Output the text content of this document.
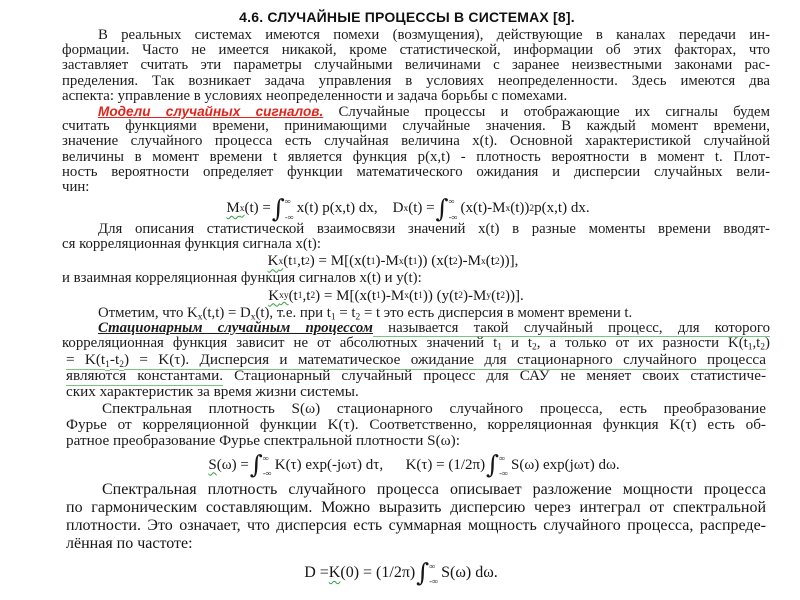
4.6. СЛУЧАЙНЫЕ ПРОЦЕССЫ В СИСТЕМАХ [8].
В реальных системах имеются помехи (возмущения), действующие в каналах передачи ин-
формации. Часто не имеется никакой, кроме статистической, информации об этих факторах, что
заставляет считать эти параметры случайными величинами с заранее неизвестными законами рас-
пределения. Так возникает задача управления в условиях неопределенности. Здесь имеются два
аспекта: управление в условиях неопределенности и задача борьбы с помехами.
Модели случайных сигналов. Случайные процессы и отображающие их сигналы будем
считать функциями времени, принимающими случайные значения. В каждый момент времени,
значение случайного процесса есть случайная величина x(t). Основной характеристикой случайной
величины в момент времени t является функция p(x,t) - плотность вероятности в момент t. Плот-
ность вероятности определяет функции математического ожидания и дисперсии случайных вели-
чин:
M x (t) = ∫ ∞
-∞
x(t) p(x,t) dx,
D x (t) = ∫ ∞
-∞
(x(t)-M x (t)) 2 p(x,t) dx.
Для описания статистической взаимосвязи значений x(t) в разные моменты времени вводят-
ся корреляционная функция сигнала x(t):
K x (t 1 ,t 2 ) = M[(x(t 1 )-M x (t 1 )) (x(t 2 )-M x (t 2 ))],
и взаимная корреляционная функция сигналов x(t) и y(t):
K xy (t 1 ,t 2 ) = M[(x(t 1 )-M x (t 1 )) (y(t 2 )-M y (t 2 ))].
Отметим, что Kx(t,t) = Dx(t), т.е. при t1 = t2 = t это есть дисперсия в момент времени t.
Стационарным случайным процессом называется такой случайный процесс, для которого
корреляционная функция зависит не от абсолютных значений t1 и t2, а только от их разности K(t1,t2)
= K(t1-t2) = K(τ). Дисперсия и математическое ожидание для стационарного случайного процесса
являются константами. Стационарный случайный процесс для САУ не меняет своих статистиче-
ских характеристик за время жизни системы.
Спектральная плотность S(ω) стационарного случайного процесса, есть преобразование
Фурье от корреляционной функции K(τ). Соответственно, корреляционная функция K(τ) есть об-
ратное преобразование Фурье спектральной плотности S(ω):
S (ω) = ∫ ∞
-∞
K(τ) exp(-jωτ) dτ,
K(τ) = (1/2π) ∫ ∞
-∞
S(ω) exp(jωτ) dω.
Спектральная плотность случайного процесса описывает разложение мощности процесса
по гармоническим составляющим. Можно выразить дисперсию через интеграл от спектральной
плотности. Это означает, что дисперсия есть суммарная мощность случайного процесса, распреде-
лённая по частоте:
D = K (0) = (1/2π) ∫ ∞
-∞ S(ω) dω.
